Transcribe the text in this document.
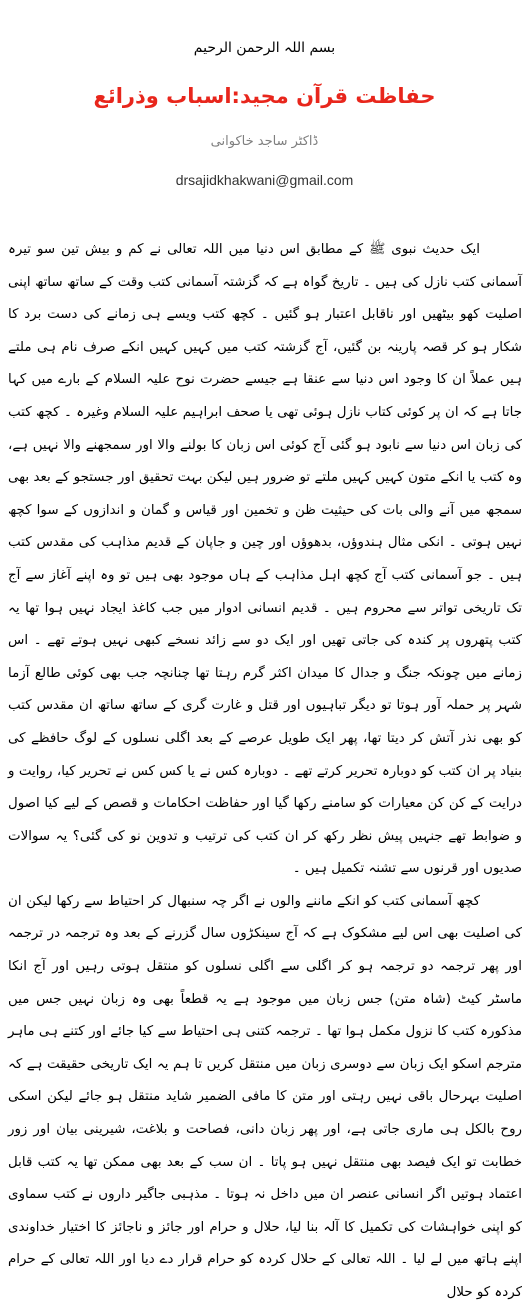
بسم اللہ الرحمن الرحیم
حفاظت قرآن مجید:اسباب وذرائع
ڈاکٹر ساجد خاکوانی
drsajidkhakwani@gmail.com

ایک حدیث نبوی ﷺ کے مطابق اس دنیا میں اللہ تعالی نے کم و بیش تین سو تیرہ آسمانی کتب نازل کی ہیں ۔ تاریخ گواہ ہے کہ گزشتہ آسمانی کتب وقت کے ساتھ ساتھ اپنی اصلیت کھو بیٹھیں اور ناقابل اعتبار ہو گئیں ۔ کچھ کتب ویسے ہی زمانے کی دست برد کا شکار ہو کر قصہ پارینہ بن گئیں، آج گزشتہ کتب میں کہیں کہیں انکے صرف نام ہی ملتے ہیں عملاً ان کا وجود اس دنیا سے عنقا ہے جیسے حضرت نوح علیہ السلام کے بارے میں کہا جاتا ہے کہ ان پر کوئی کتاب نازل ہوئی تھی یا صحف ابراہیم علیہ السلام وغیرہ ۔ کچھ کتب کی زبان اس دنیا سے نابود ہو گئی آج کوئی اس زبان کا بولنے والا اور سمجھنے والا نہیں ہے، وہ کتب یا انکے متون کہیں کہیں ملتے تو ضرور ہیں لیکن بہت تحقیق اور جستجو کے بعد بھی سمجھ میں آنے والی بات کی حیثیت ظن و تخمین اور قیاس و گمان و اندازوں کے سوا کچھ نہیں ہوتی ۔ انکی مثال ہندوؤں، بدھوؤں اور چین و جاپان کے قدیم مذاہب کی مقدس کتب ہیں ۔ جو آسمانی کتب آج کچھ اہل مذاہب کے ہاں موجود بھی ہیں تو وہ اپنے آغاز سے آج تک تاریخی تواتر سے محروم ہیں ۔ قدیم انسانی ادوار میں جب کاغذ ایجاد نہیں ہوا تھا یہ کتب پتھروں پر کندہ کی جاتی تھیں اور ایک دو سے زائد نسخے کبھی نہیں ہوتے تھے ۔ اس زمانے میں چونکہ جنگ و جدال کا میدان اکثر گرم رہتا تھا چنانچہ جب بھی کوئی طالع آزما شہر پر حملہ آور ہوتا تو دیگر تباہیوں اور قتل و غارت گری کے ساتھ ساتھ ان مقدس کتب کو بھی نذر آتش کر دیتا تھا، پھر ایک طویل عرصے کے بعد اگلی نسلوں کے لوگ حافظے کی بنیاد پر ان کتب کو دوبارہ تحریر کرتے تھے ۔ دوبارہ کس نے یا کس کس نے تحریر کیا، روایت و درایت کے کن کن معیارات کو سامنے رکھا گیا اور حفاظت احکامات و قصص کے لیے کیا اصول و ضوابط تھے جنہیں پیش نظر رکھ کر ان کتب کی ترتیب و تدوین نو کی گئی؟ یہ سوالات صدیوں اور قرنوں سے تشنہ تکمیل ہیں ۔

کچھ آسمانی کتب کو انکے ماننے والوں نے اگر چہ سنبھال کر احتیاط سے رکھا لیکن ان کی اصلیت بھی اس لیے مشکوک ہے کہ آج سینکڑوں سال گزرنے کے بعد وہ ترجمہ در ترجمہ اور پھر ترجمہ دو ترجمہ ہو کر اگلی سے اگلی نسلوں کو منتقل ہوتی رہیں اور آج انکا ماسٹر کیٹ (شاہ متن) جس زبان میں موجود ہے یہ قطعاً بھی وہ زبان نہیں جس میں مذکورہ کتب کا نزول مکمل ہوا تھا ۔ ترجمہ کتنی ہی احتیاط سے کیا جائے اور کتنے ہی ماہر مترجم اسکو ایک زبان سے دوسری زبان میں منتقل کریں تا ہم یہ ایک تاریخی حقیقت ہے کہ اصلیت بہرحال باقی نہیں رہتی اور متن کا مافی الضمیر شاید منتقل ہو جائے لیکن اسکی روح بالکل ہی ماری جاتی ہے، اور پھر زبان دانی، فصاحت و بلاغت، شیرینی بیان اور زور خطابت تو ایک فیصد بھی منتقل نہیں ہو پاتا ۔ ان سب کے بعد بھی ممکن تھا یہ کتب قابل اعتماد ہوتیں اگر انسانی عنصر ان میں داخل نہ ہوتا ۔ مذہبی جاگیر داروں نے کتب سماوی کو اپنی خواہشات کی تکمیل کا آلہ بنا لیا، حلال و حرام اور جائز و ناجائز کا اختیار خداوندی اپنے ہاتھ میں لے لیا ۔ اللہ تعالی کے حلال کردہ کو حرام قرار دے دیا اور اللہ تعالی کے حرام کردہ کو حلال
